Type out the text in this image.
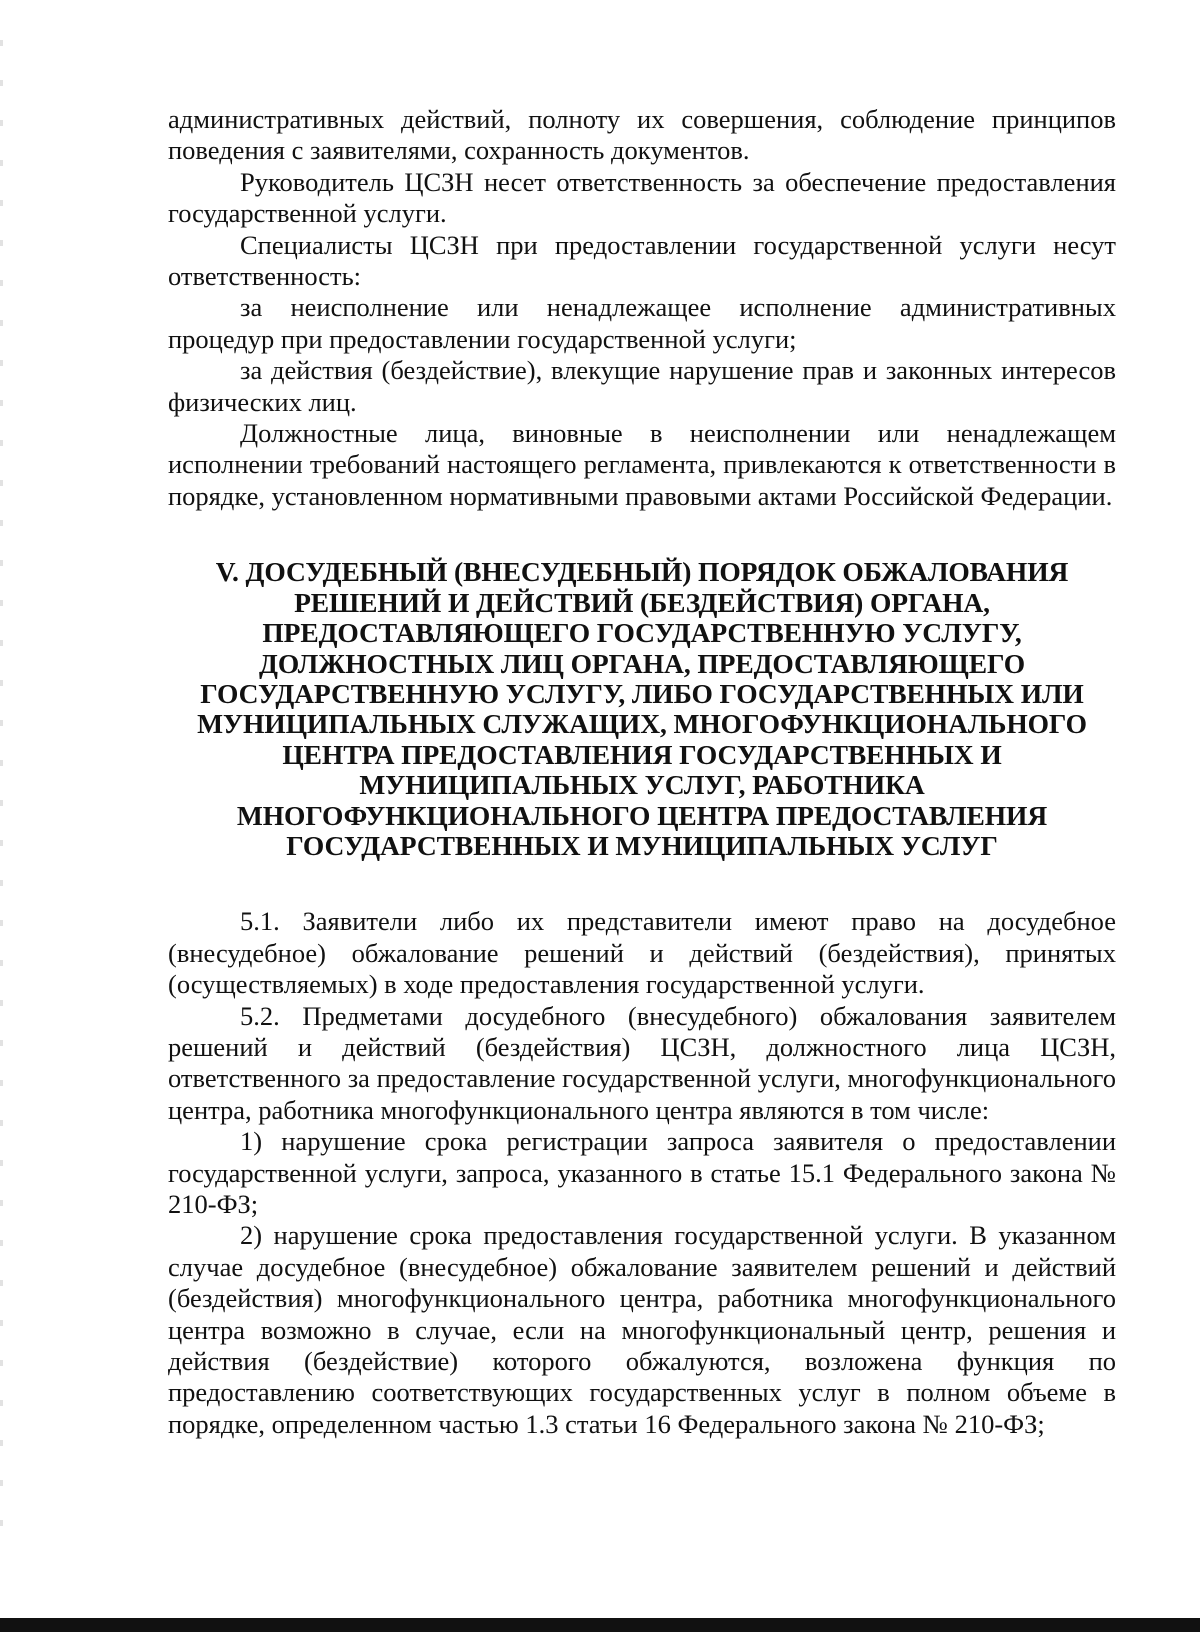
административных действий, полноту их совершения, соблюдение принципов поведения с заявителями, сохранность документов.

Руководитель ЦСЗН несет ответственность за обеспечение предоставления государственной услуги.

Специалисты ЦСЗН при предоставлении государственной услуги несут ответственность:

за неисполнение или ненадлежащее исполнение административных процедур при предоставлении государственной услуги;

за действия (бездействие), влекущие нарушение прав и законных интересов физических лиц.

Должностные лица, виновные в неисполнении или ненадлежащем исполнении требований настоящего регламента, привлекаются к ответственности в порядке, установленном нормативными правовыми актами Российской Федерации.

V. ДОСУДЕБНЫЙ (ВНЕСУДЕБНЫЙ) ПОРЯДОК ОБЖАЛОВАНИЯ РЕШЕНИЙ И ДЕЙСТВИЙ (БЕЗДЕЙСТВИЯ) ОРГАНА, ПРЕДОСТАВЛЯЮЩЕГО ГОСУДАРСТВЕННУЮ УСЛУГУ, ДОЛЖНОСТНЫХ ЛИЦ ОРГАНА, ПРЕДОСТАВЛЯЮЩЕГО ГОСУДАРСТВЕННУЮ УСЛУГУ, ЛИБО ГОСУДАРСТВЕННЫХ ИЛИ МУНИЦИПАЛЬНЫХ СЛУЖАЩИХ, МНОГОФУНКЦИОНАЛЬНОГО ЦЕНТРА ПРЕДОСТАВЛЕНИЯ ГОСУДАРСТВЕННЫХ И МУНИЦИПАЛЬНЫХ УСЛУГ, РАБОТНИКА МНОГОФУНКЦИОНАЛЬНОГО ЦЕНТРА ПРЕДОСТАВЛЕНИЯ ГОСУДАРСТВЕННЫХ И МУНИЦИПАЛЬНЫХ УСЛУГ

5.1. Заявители либо их представители имеют право на досудебное (внесудебное) обжалование решений и действий (бездействия), принятых (осуществляемых) в ходе предоставления государственной услуги.

5.2. Предметами досудебного (внесудебного) обжалования заявителем решений и действий (бездействия) ЦСЗН, должностного лица ЦСЗН, ответственного за предоставление государственной услуги, многофункционального центра, работника многофункционального центра являются в том числе:

1) нарушение срока регистрации запроса заявителя о предоставлении государственной услуги, запроса, указанного в статье 15.1 Федерального закона № 210-ФЗ;

2) нарушение срока предоставления государственной услуги. В указанном случае досудебное (внесудебное) обжалование заявителем решений и действий (бездействия) многофункционального центра, работника многофункционального центра возможно в случае, если на многофункциональный центр, решения и действия (бездействие) которого обжалуются, возложена функция по предоставлению соответствующих государственных услуг в полном объеме в порядке, определенном частью 1.3 статьи 16 Федерального закона № 210-ФЗ;
